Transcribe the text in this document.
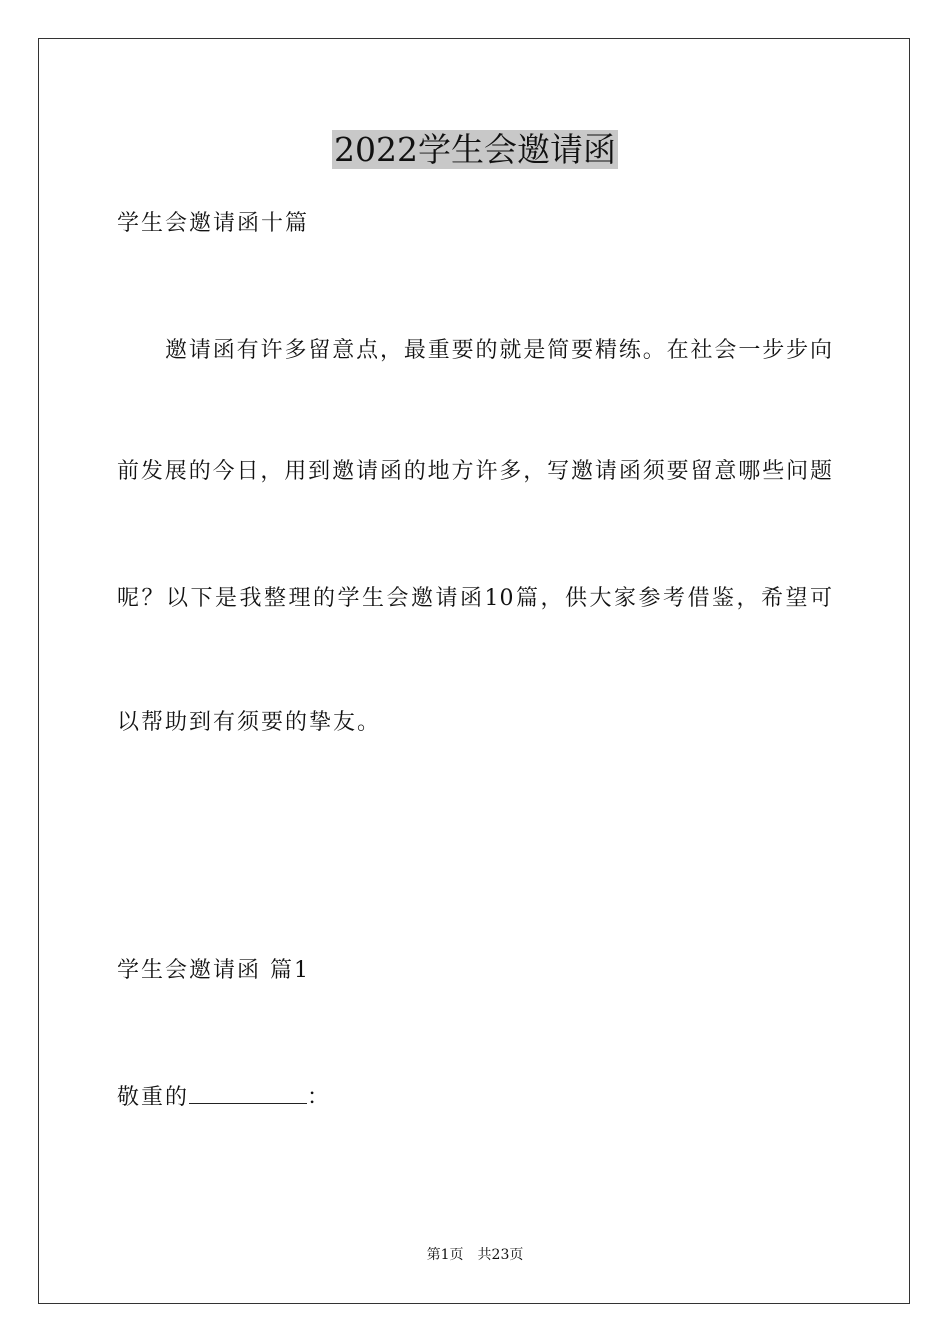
2022学生会邀请函
学生会邀请函十篇
邀请函有许多留意点，最重要的就是简要精练。在社会一步步向
前发展的今日，用到邀请函的地方许多，写邀请函须要留意哪些问题
呢？以下是我整理的学生会邀请函10篇，供大家参考借鉴，希望可
以帮助到有须要的挚友。
学生会邀请函 篇1
敬重的	：
第1页 共23页
